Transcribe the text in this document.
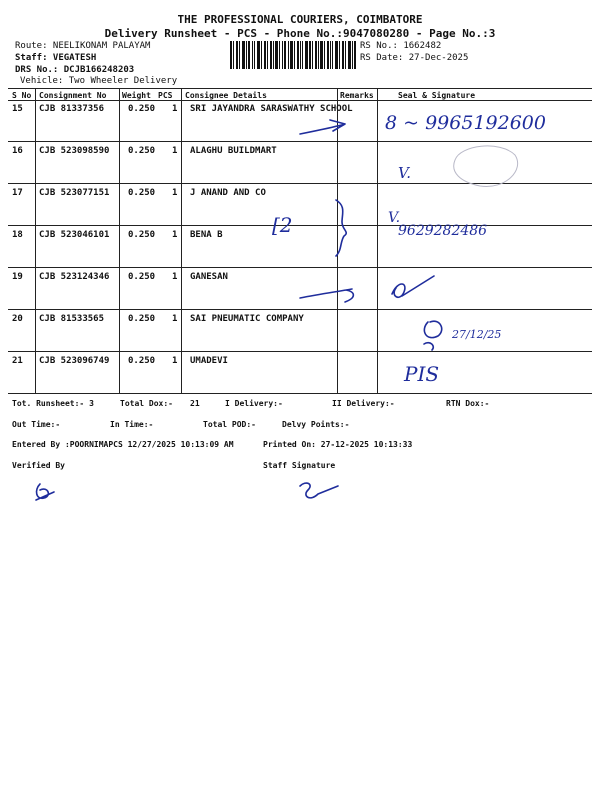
THE PROFESSIONAL COURIERS, COIMBATORE
Delivery Runsheet - PCS - Phone No.:9047080280 - Page No.:3
Route: NEELIKONAM PALAYAM
Staff: VEGATESH
DRS No.: DCJB166248203
Vehicle: Two Wheeler Delivery
RS No.: 1662482
RS Date: 27-Dec-2025
S No Consignment No Weight PCS Consignee Details	Remarks	Seal & Signature
15 CJB 81337356	0.250 1 SRI JAYANDRA SARASWATHY SCHOOL
16 CJB 523098590 0.250 1 ALAGHU BUILDMART
17 CJB 523077151 0.250 1 J ANAND AND CO
18 CJB 523046101 0.250 1 BENA B
19 CJB 523124346 0.250 1 GANESAN
20 CJB 81533565	0.250 1 SAI PNEUMATIC COMPANY
21 CJB 523096749 0.250 1 UMADEVI
8 ~ 9965192600
V.
[2	V.
9629282486
27/12/25
PIS
Tot. Runsheet:- 3	Total Dox:- 21	I Delivery:-	II Delivery:-	RTN Dox:-
Out Time:-	In Time:-	Total POD:-	Delvy Points:-
Entered By :POORNIMAPCS 12/27/2025 10:13:09 AM	Printed On: 27-12-2025 10:13:33
Verified By	Staff Signature
